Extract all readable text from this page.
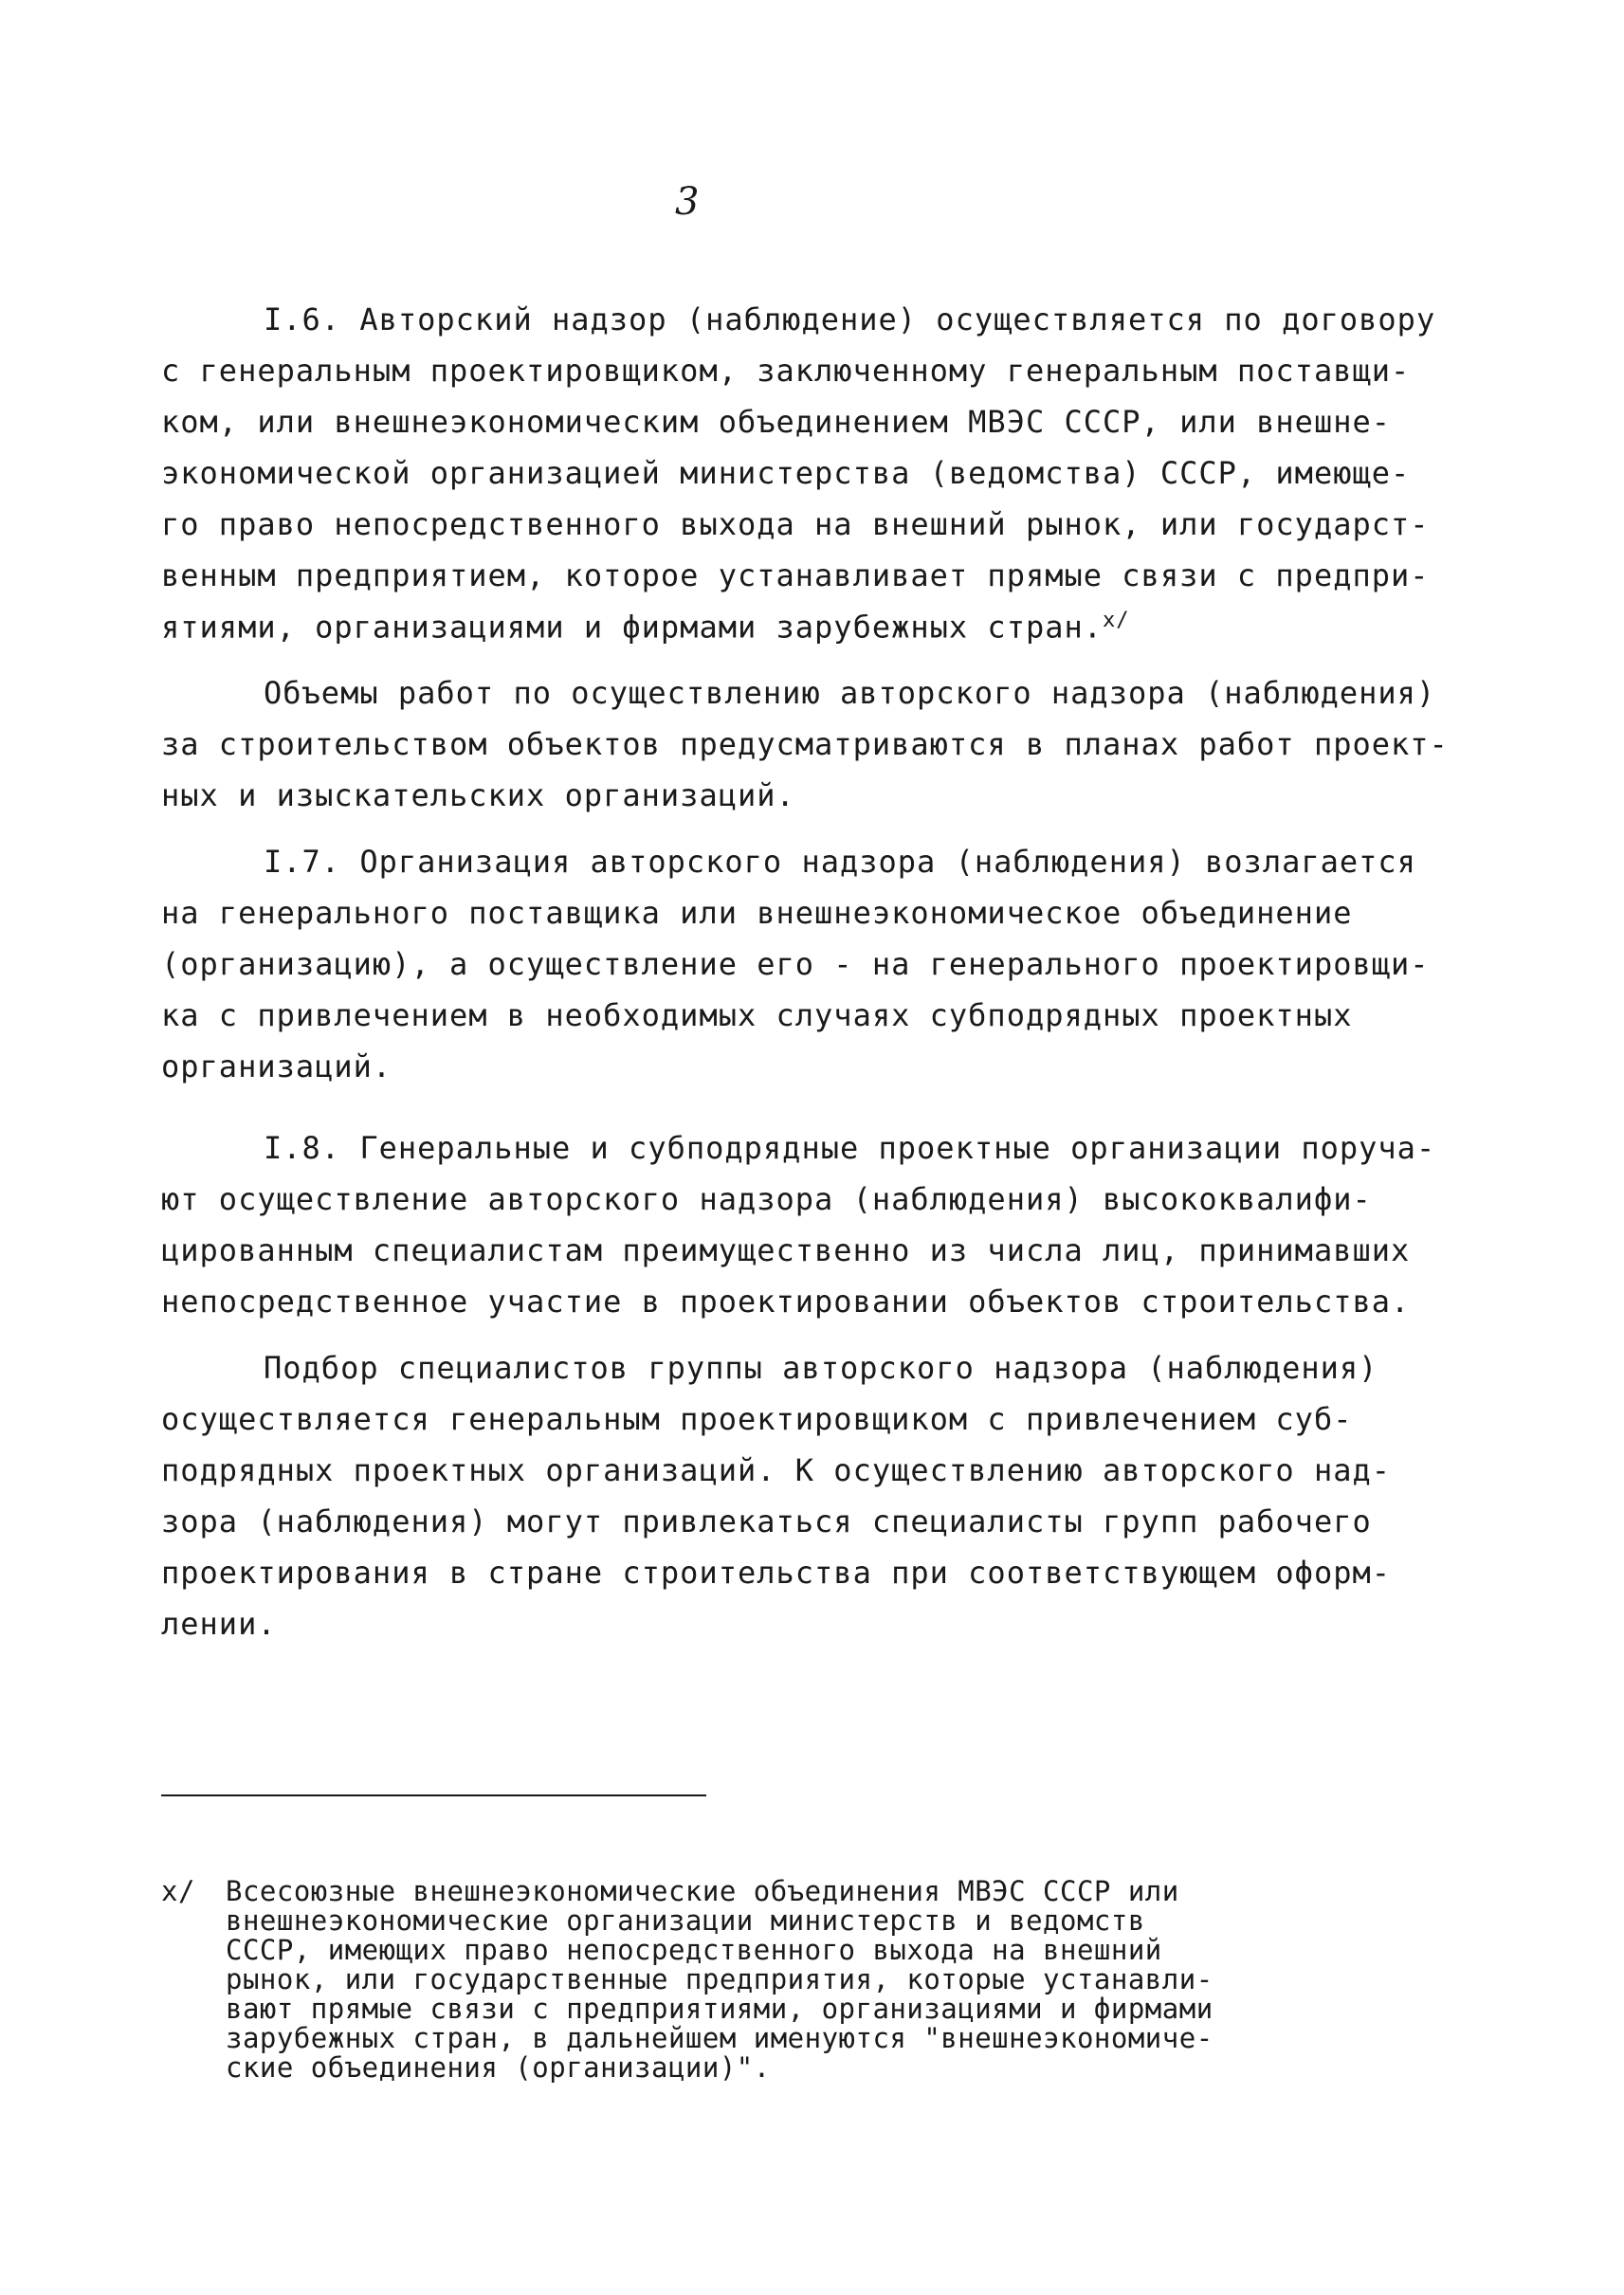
3
I.6. Авторский надзор (наблюдение) осуществляется по договору
с генеральным проектировщиком, заключенному генеральным поставщи-
ком, или внешнеэкономическим объединением МВЭС СССР, или внешне-
экономической организацией министерства (ведомства) СССР, имеюще-
го право непосредственного выхода на внешний рынок, или государст-
венным предприятием, которое устанавливает прямые связи с предпри-
ятиями, организациями и фирмами зарубежных стран.$^{x/}$
Объемы работ по осуществлению авторского надзора (наблюдения)
за строительством объектов предусматриваются в планах работ проект-
ных и изыскательских организаций.
I.7. Организация авторского надзора (наблюдения) возлагается
на генерального поставщика или внешнеэкономическое объединение
(организацию), а осуществление его - на генерального проектировщи-
ка с привлечением в необходимых случаях субподрядных проектных
организаций.
I.8. Генеральные и субподрядные проектные организации поруча-
ют осуществление авторского надзора (наблюдения) высококвалифи-
цированным специалистам преимущественно из числа лиц, принимавших
непосредственное участие в проектировании объектов строительства.
Подбор специалистов группы авторского надзора (наблюдения)
осуществляется генеральным проектировщиком с привлечением суб-
подрядных проектных организаций. К осуществлению авторского над-
зора (наблюдения) могут привлекаться специалисты групп рабочего
проектирования в стране строительства при соответствующем оформ-
лении.
x/ Всесоюзные внешнеэкономические объединения МВЭС СССР или
внешнеэкономические организации министерств и ведомств
СССР, имеющих право непосредственного выхода на внешний
рынок, или государственные предприятия, которые устанавли-
вают прямые связи с предприятиями, организациями и фирмами
зарубежных стран, в дальнейшем именуются "внешнеэкономиче-
ские объединения (организации)".
